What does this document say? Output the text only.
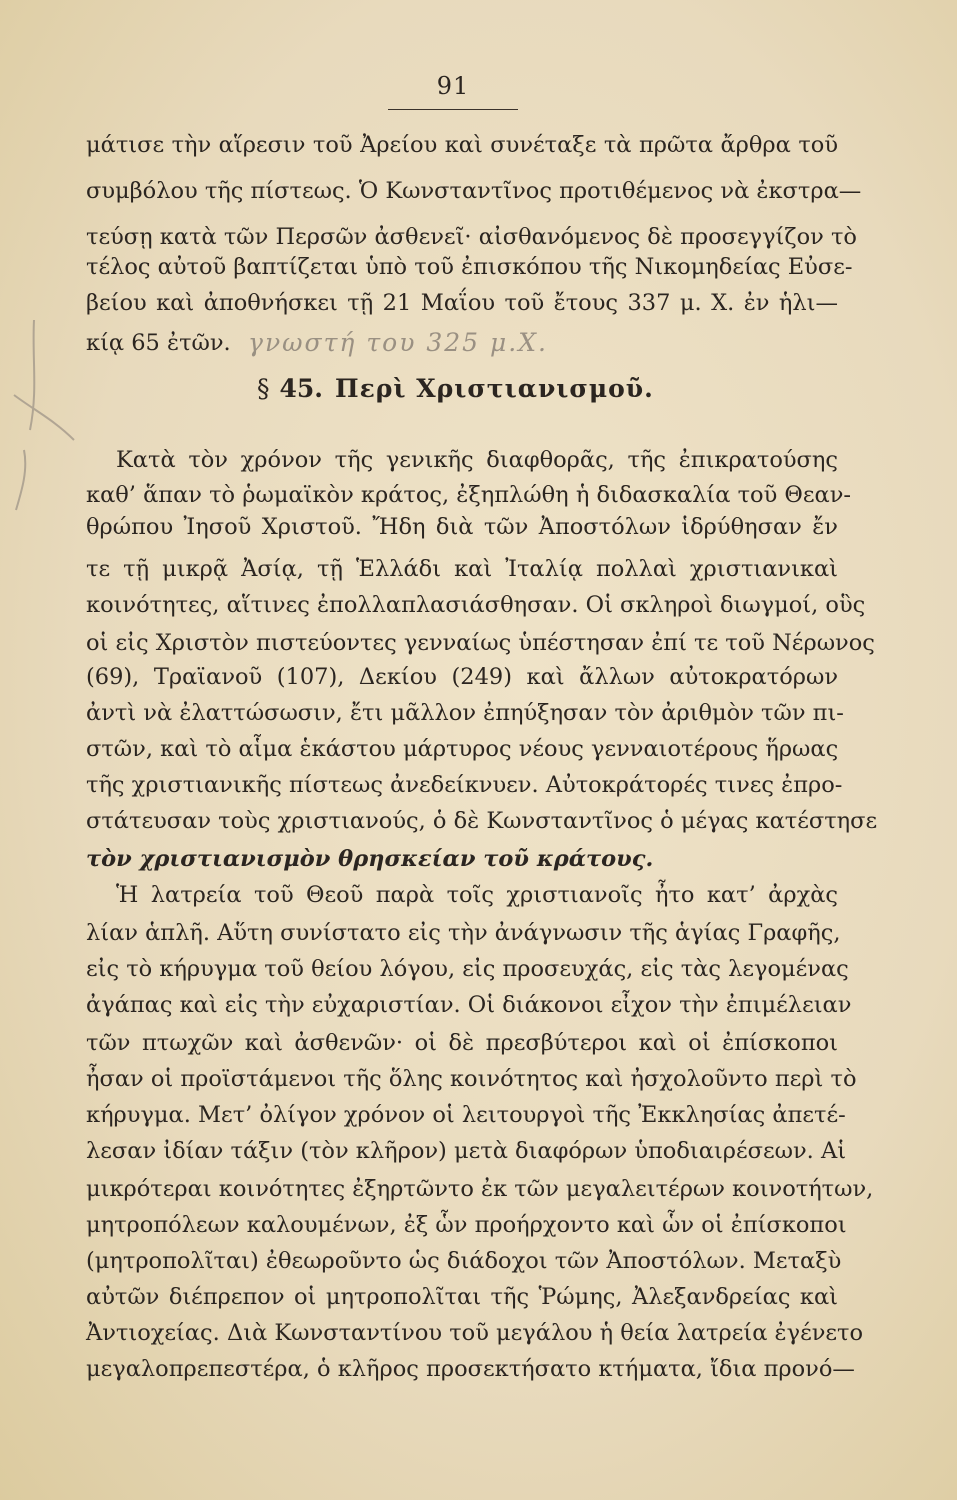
91
μάτισε τὴν αἵρεσιν τοῦ Ἀρείου καὶ συνέταξε τὰ πρῶτα ἄρθρα τοῦ
συμβόλου τῆς πίστεως. Ὁ Κωνσταντῖνος προτιθέμενος νὰ ἐκστρα—
τεύσῃ κατὰ τῶν Περσῶν ἀσθενεῖ· αἰσθανόμενος δὲ προσεγγίζον τὸ
τέλος αὐτοῦ βαπτίζεται ὑπὸ τοῦ ἐπισκόπου τῆς Νικομηδείας Εὐσε-
βείου καὶ ἀποθνήσκει τῇ 21 Μαΐου τοῦ ἔτους 337 μ. Χ. ἐν ἡλι—
κίᾳ 65 ἐτῶν. γνωστή του 325 μ.Χ.
§ 45. Περὶ Χριστιανισμοῦ.
Κατὰ τὸν χρόνον τῆς γενικῆς διαφθορᾶς, τῆς ἐπικρατούσης
καθ’ ἅπαν τὸ ῥωμαϊκὸν κράτος, ἐξηπλώθη ἡ διδασκαλία τοῦ Θεαν-
θρώπου Ἰησοῦ Χριστοῦ. Ἤδη διὰ τῶν Ἀποστόλων ἱδρύθησαν ἔν
τε τῇ μικρᾷ Ἀσίᾳ, τῇ Ἑλλάδι καὶ Ἰταλίᾳ πολλαὶ χριστιανικαὶ
κοινότητες, αἵτινες ἐπολλαπλασιάσθησαν. Οἱ σκληροὶ διωγμοί, οὓς
οἱ εἰς Χριστὸν πιστεύοντες γενναίως ὑπέστησαν ἐπί τε τοῦ Νέρωνος
(69), Τραϊανοῦ (107), Δεκίου (249) καὶ ἄλλων αὐτοκρατόρων
ἀντὶ νὰ ἐλαττώσωσιν, ἔτι μᾶλλον ἐπηύξησαν τὸν ἀριθμὸν τῶν πι-
στῶν, καὶ τὸ αἷμα ἑκάστου μάρτυρος νέους γενναιοτέρους ἥρωας
τῆς χριστιανικῆς πίστεως ἀνεδείκνυεν. Αὐτοκράτορές τινες ἐπρο-
στάτευσαν τοὺς χριστιανούς, ὁ δὲ Κωνσταντῖνος ὁ μέγας κατέστησε
τὸν χριστιανισμὸν θρησκείαν τοῦ κράτους.
Ἡ λατρεία τοῦ Θεοῦ παρὰ τοῖς χριστιανοῖς ἦτο κατ’ ἀρχὰς
λίαν ἁπλῆ. Αὕτη συνίστατο εἰς τὴν ἀνάγνωσιν τῆς ἁγίας Γραφῆς,
εἰς τὸ κήρυγμα τοῦ θείου λόγου, εἰς προσευχάς, εἰς τὰς λεγομένας
ἀγάπας καὶ εἰς τὴν εὐχαριστίαν. Οἱ διάκονοι εἶχον τὴν ἐπιμέλειαν
τῶν πτωχῶν καὶ ἀσθενῶν· οἱ δὲ πρεσβύτεροι καὶ οἱ ἐπίσκοποι
ἦσαν οἱ προϊστάμενοι τῆς ὅλης κοινότητος καὶ ἠσχολοῦντο περὶ τὸ
κήρυγμα. Μετ’ ὀλίγον χρόνον οἱ λειτουργοὶ τῆς Ἐκκλησίας ἀπετέ-
λεσαν ἰδίαν τάξιν (τὸν κλῆρον) μετὰ διαφόρων ὑποδιαιρέσεων. Αἱ
μικρότεραι κοινότητες ἐξηρτῶντο ἐκ τῶν μεγαλειτέρων κοινοτήτων,
μητροπόλεων καλουμένων, ἐξ ὧν προήρχοντο καὶ ὧν οἱ ἐπίσκοποι
(μητροπολῖται) ἐθεωροῦντο ὡς διάδοχοι τῶν Ἀποστόλων. Μεταξὺ
αὐτῶν διέπρεπον οἱ μητροπολῖται τῆς Ῥώμης, Ἀλεξανδρείας καὶ
Ἀντιοχείας. Διὰ Κωνσταντίνου τοῦ μεγάλου ἡ θεία λατρεία ἐγένετο
μεγαλοπρεπεστέρα, ὁ κλῆρος προσεκτήσατο κτήματα, ἴδια προνό—
